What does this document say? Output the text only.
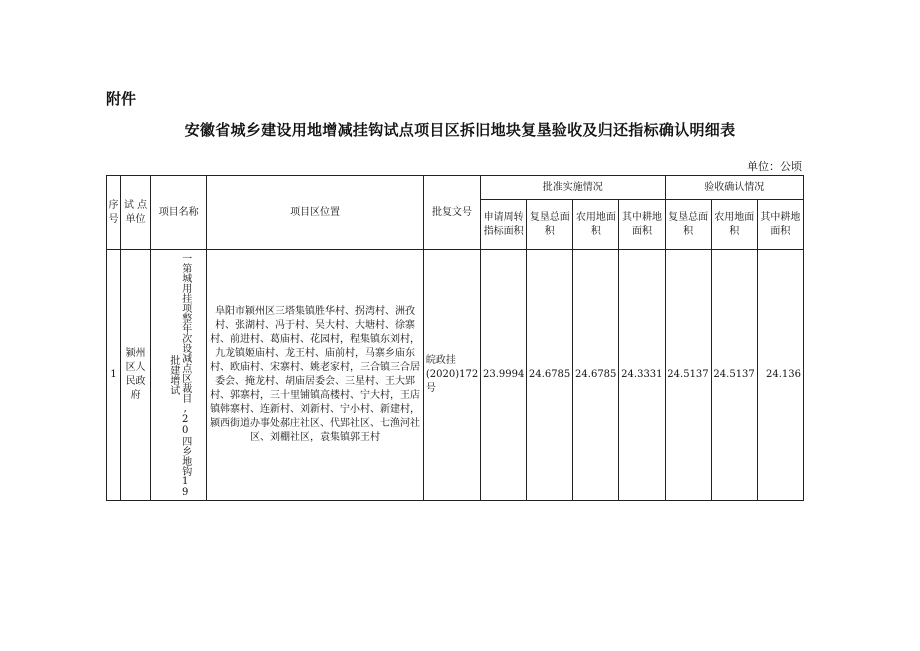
附件
安徽省城乡建设用地增减挂钩试点项目区拆旧地块复垦验收及归还指标确认明细表
单位：公顷
序号	试 点 单位	项目名称	项目区位置	批复文号	批准实施情况				验收确认情况		
					申请周转指标面积	复垦总面积	农用地面积	其中耕地面积	复垦总面积	农用地面积	其中耕地面积
1	颍州区人民政府	一第城用挂项整年次设减点区裁目,20四乡地钩19批建增试	阜阳市颍州区三塔集镇胜华村、拐湾村、洲孜村、张湖村、冯于村、吴大村、大塘村、徐寨村、前进村、葛庙村、花园村，程集镇东刘村，九龙镇姬庙村、龙王村、庙前村，马寨乡庙东村、欧庙村、宋寨村、姚老家村，三合镇三合居委会、掩龙村、胡庙居委会、三星村、王大郢村、郭寨村，三十里铺镇高楼村、宁大村，王店镇韩寨村、连新村、刘新村、宁小村、新建村，颍西街道办事处郝庄社区、代郢社区、七渔河社区、刘棚社区，袁集镇郭王村	皖政挂(2020)172号	23.9994	24.6785	24.6785	24.3331	24.5137	24.5137	24.136
